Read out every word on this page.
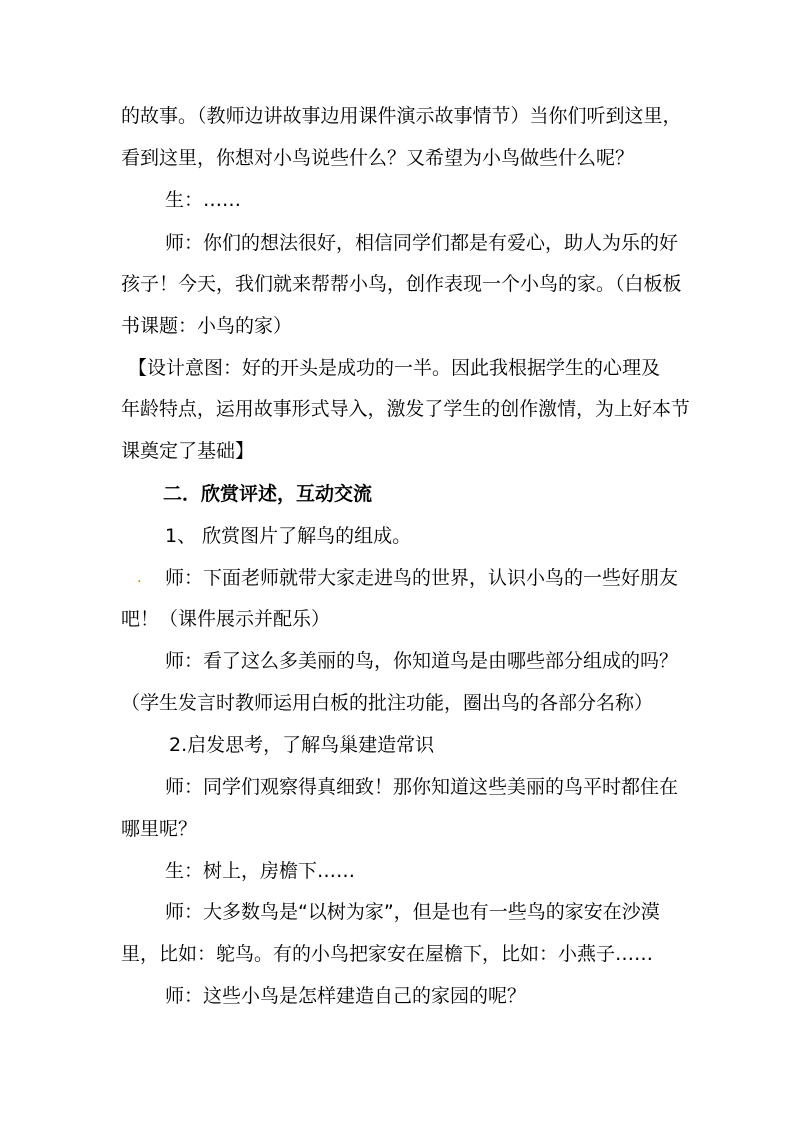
的故事。（教师边讲故事边用课件演示故事情节）当你们听到这里，
看到这里，你想对小鸟说些什么？又希望为小鸟做些什么呢？
生：……
师：你们的想法很好，相信同学们都是有爱心，助人为乐的好
孩子！今天，我们就来帮帮小鸟，创作表现一个小鸟的家。（白板板
书课题：小鸟的家）
【设计意图：好的开头是成功的一半。因此我根据学生的心理及
年龄特点，运用故事形式导入，激发了学生的创作激情，为上好本节
课奠定了基础】
二．欣赏评述，互动交流
1、 欣赏图片了解鸟的组成。
. 师：下面老师就带大家走进鸟的世界，认识小鸟的一些好朋友
吧！（课件展示并配乐）
师：看了这么多美丽的鸟，你知道鸟是由哪些部分组成的吗？
（学生发言时教师运用白板的批注功能，圈出鸟的各部分名称）
2.启发思考，了解鸟巢建造常识
师：同学们观察得真细致！那你知道这些美丽的鸟平时都住在
哪里呢？
生：树上，房檐下……
师：大多数鸟是“以树为家”，但是也有一些鸟的家安在沙漠
里，比如：鸵鸟。有的小鸟把家安在屋檐下，比如：小燕子……
师：这些小鸟是怎样建造自己的家园的呢？
